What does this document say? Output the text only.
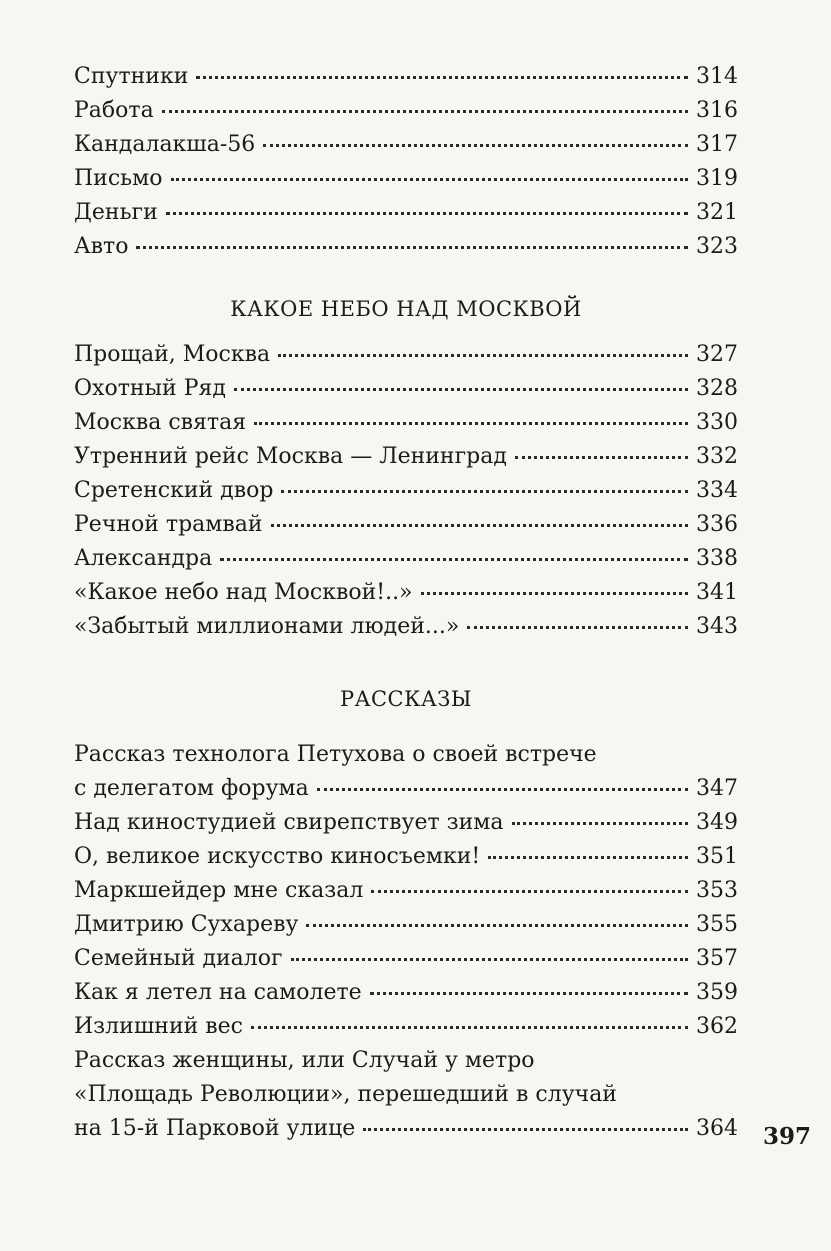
Спутники	314
Работа	316
Кандалакша-56	317
Письмо	319
Деньги	321
Авто	323
КАКОЕ НЕБО НАД МОСКВОЙ
Прощай, Москва	327
Охотный Ряд	328
Москва святая	330
Утренний рейс Москва — Ленинград	332
Сретенский двор	334
Речной трамвай	336
Александра	338
«Какое небо над Москвой!..»	341
«Забытый миллионами людей...»	343
РАССКАЗЫ
Рассказ технолога Петухова о своей встрече
с делегатом форума	347
Над киностудией свирепствует зима	349
О, великое искусство киносъемки!	351
Маркшейдер мне сказал	353
Дмитрию Сухареву	355
Семейный диалог	357
Как я летел на самолете	359
Излишний вес	362
Рассказ женщины, или Случай у метро
«Площадь Революции», перешедший в случай
на 15-й Парковой улице	364 397
